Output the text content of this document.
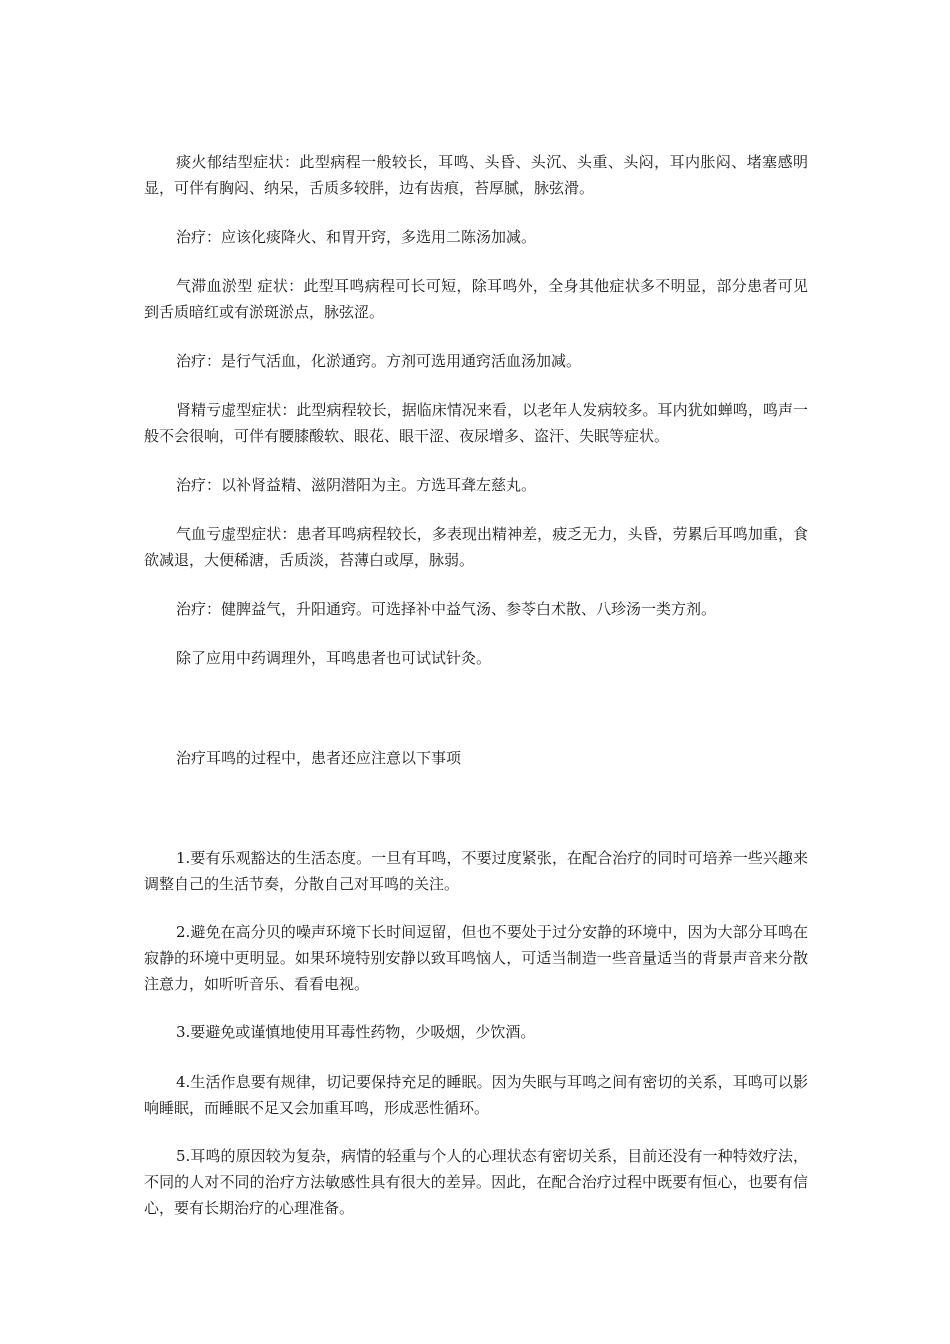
痰火郁结型症状：此型病程一般较长，耳鸣、头昏、头沉、头重、头闷，耳内胀闷、堵塞感明显，可伴有胸闷、纳呆，舌质多较胖，边有齿痕，苔厚腻，脉弦滑。

治疗：应该化痰降火、和胃开窍，多选用二陈汤加减。

气滞血淤型 症状：此型耳鸣病程可长可短，除耳鸣外，全身其他症状多不明显，部分患者可见到舌质暗红或有淤斑淤点，脉弦涩。

治疗：是行气活血，化淤通窍。方剂可选用通窍活血汤加减。

肾精亏虚型症状：此型病程较长，据临床情况来看，以老年人发病较多。耳内犹如蝉鸣，鸣声一般不会很响，可伴有腰膝酸软、眼花、眼干涩、夜尿增多、盗汗、失眠等症状。

治疗：以补肾益精、滋阴潜阳为主。方选耳聋左慈丸。

气血亏虚型症状：患者耳鸣病程较长，多表现出精神差，疲乏无力，头昏，劳累后耳鸣加重，食欲减退，大便稀溏，舌质淡，苔薄白或厚，脉弱。

治疗：健脾益气，升阳通窍。可选择补中益气汤、参苓白术散、八珍汤一类方剂。

除了应用中药调理外，耳鸣患者也可试试针灸。

治疗耳鸣的过程中，患者还应注意以下事项

1.要有乐观豁达的生活态度。一旦有耳鸣，不要过度紧张，在配合治疗的同时可培养一些兴趣来调整自己的生活节奏，分散自己对耳鸣的关注。

2.避免在高分贝的噪声环境下长时间逗留，但也不要处于过分安静的环境中，因为大部分耳鸣在寂静的环境中更明显。如果环境特别安静以致耳鸣恼人，可适当制造一些音量适当的背景声音来分散注意力，如听听音乐、看看电视。

3.要避免或谨慎地使用耳毒性药物，少吸烟，少饮酒。

4.生活作息要有规律，切记要保持充足的睡眠。因为失眠与耳鸣之间有密切的关系，耳鸣可以影响睡眠，而睡眠不足又会加重耳鸣，形成恶性循环。

5.耳鸣的原因较为复杂，病情的轻重与个人的心理状态有密切关系，目前还没有一种特效疗法，不同的人对不同的治疗方法敏感性具有很大的差异。因此，在配合治疗过程中既要有恒心，也要有信心，要有长期治疗的心理准备。
